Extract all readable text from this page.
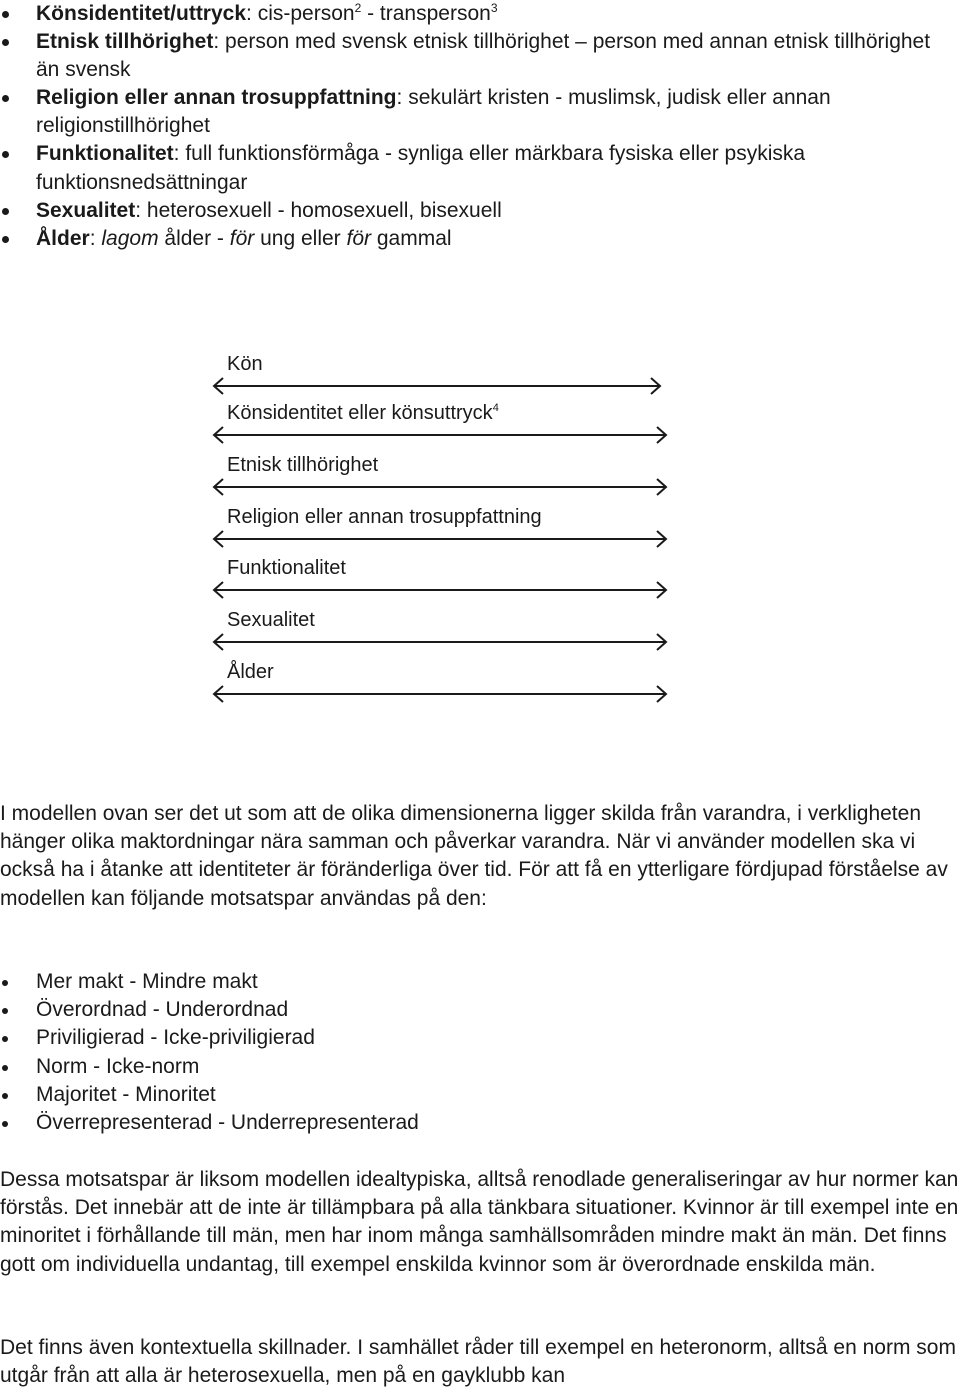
Könsidentitet/uttryck: cis-person$^2$ - transperson$^3$
Etnisk tillhörighet: person med svensk etnisk tillhörighet – person med annan etnisk tillhörighet än svensk
Religion eller annan trosuppfattning: sekulärt kristen - muslimsk, judisk eller annan religionstillhörighet
Funktionalitet: full funktionsförmåga - synliga eller märkbara fysiska eller psykiska funktionsnedsättningar
Sexualitet: heterosexuell - homosexuell, bisexuell
Ålder: lagom ålder - för ung eller för gammal
Kön
Könsidentitet eller könsuttryck$^4$
Etnisk tillhörighet
Religion eller annan trosuppfattning
Funktionalitet
Sexualitet
Ålder

I modellen ovan ser det ut som att de olika dimensionerna ligger skilda från varandra, i verkligheten hänger olika maktordningar nära samman och påverkar varandra. När vi använder modellen ska vi också ha i åtanke att identiteter är föränderliga över tid. För att få en ytterligare fördjupad förståelse av modellen kan följande motsatspar användas på den:

Mer makt - Mindre makt
Överordnad - Underordnad
Priviligierad - Icke-priviligierad
Norm - Icke-norm
Majoritet - Minoritet
Överrepresenterad - Underrepresenterad

Dessa motsatspar är liksom modellen idealtypiska, alltså renodlade generaliseringar av hur normer kan förstås. Det innebär att de inte är tillämpbara på alla tänkbara situationer. Kvinnor är till exempel inte en minoritet i förhållande till män, men har inom många samhällsområden mindre makt än män. Det finns gott om individuella undantag, till exempel enskilda kvinnor som är överordnade enskilda män.

Det finns även kontextuella skillnader. I samhället råder till exempel en heteronorm, alltså en norm som utgår från att alla är heterosexuella, men på en gayklubb kan
